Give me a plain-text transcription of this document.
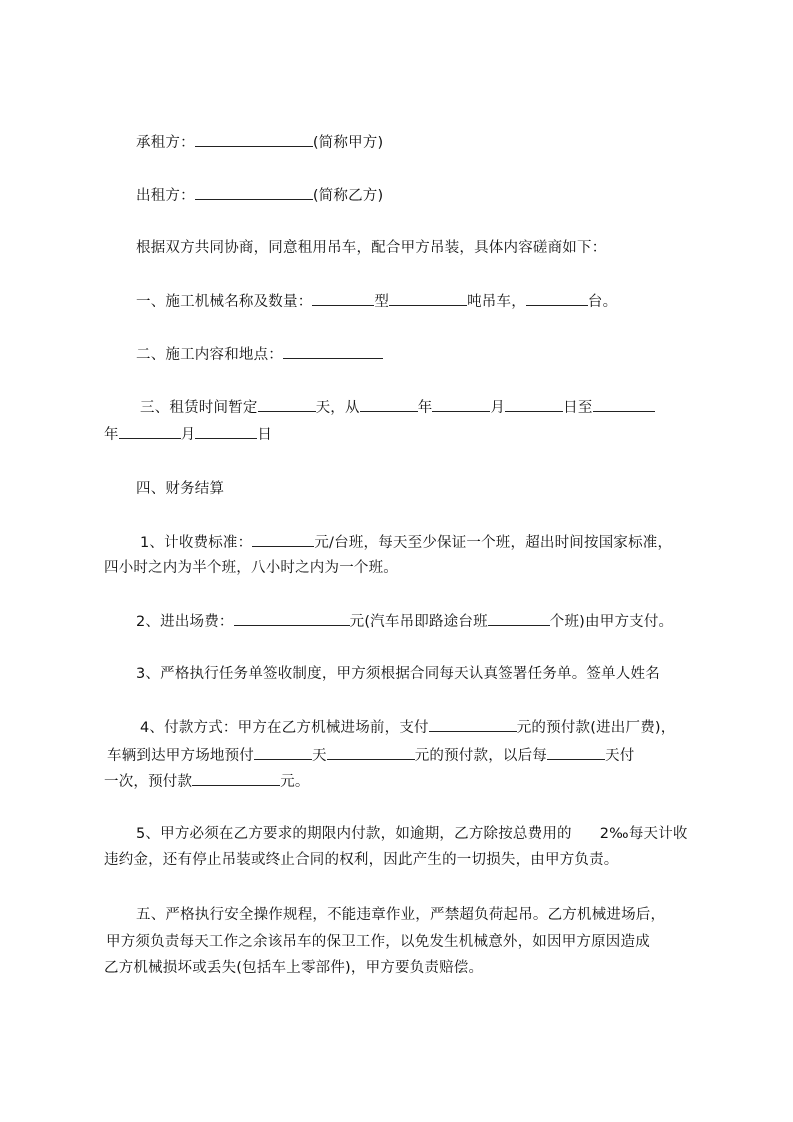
承租方：	(简称甲方)
出租方：	(简称乙方)
根据双方共同协商，同意租用吊车，配合甲方吊装，具体内容磋商如下：
一、施工机械名称及数量：	型	吨吊车，	台。
二、施工内容和地点：
三、租赁时间暂定	天，从	年	月	日至
年	月	日
四、财务结算
1、计收费标准：	元/台班，每天至少保证一个班，超出时间按国家标准，
四小时之内为半个班，八小时之内为一个班。
2、进出场费：	元(汽车吊即路途台班	个班)由甲方支付。
3、严格执行任务单签收制度，甲方须根据合同每天认真签署任务单。签单人姓名
4、付款方式：甲方在乙方机械进场前，支付	元的预付款(进出厂费)，
车辆到达甲方场地预付	天	元的预付款，以后每	天付
一次，预付款	元。
5、甲方必须在乙方要求的期限内付款，如逾期，乙方除按总费用的 2‰每天计收
违约金，还有停止吊装或终止合同的权利，因此产生的一切损失，由甲方负责。
五、严格执行安全操作规程，不能违章作业，严禁超负荷起吊。乙方机械进场后，
甲方须负责每天工作之余该吊车的保卫工作，以免发生机械意外，如因甲方原因造成
乙方机械损坏或丢失(包括车上零部件)，甲方要负责赔偿。
